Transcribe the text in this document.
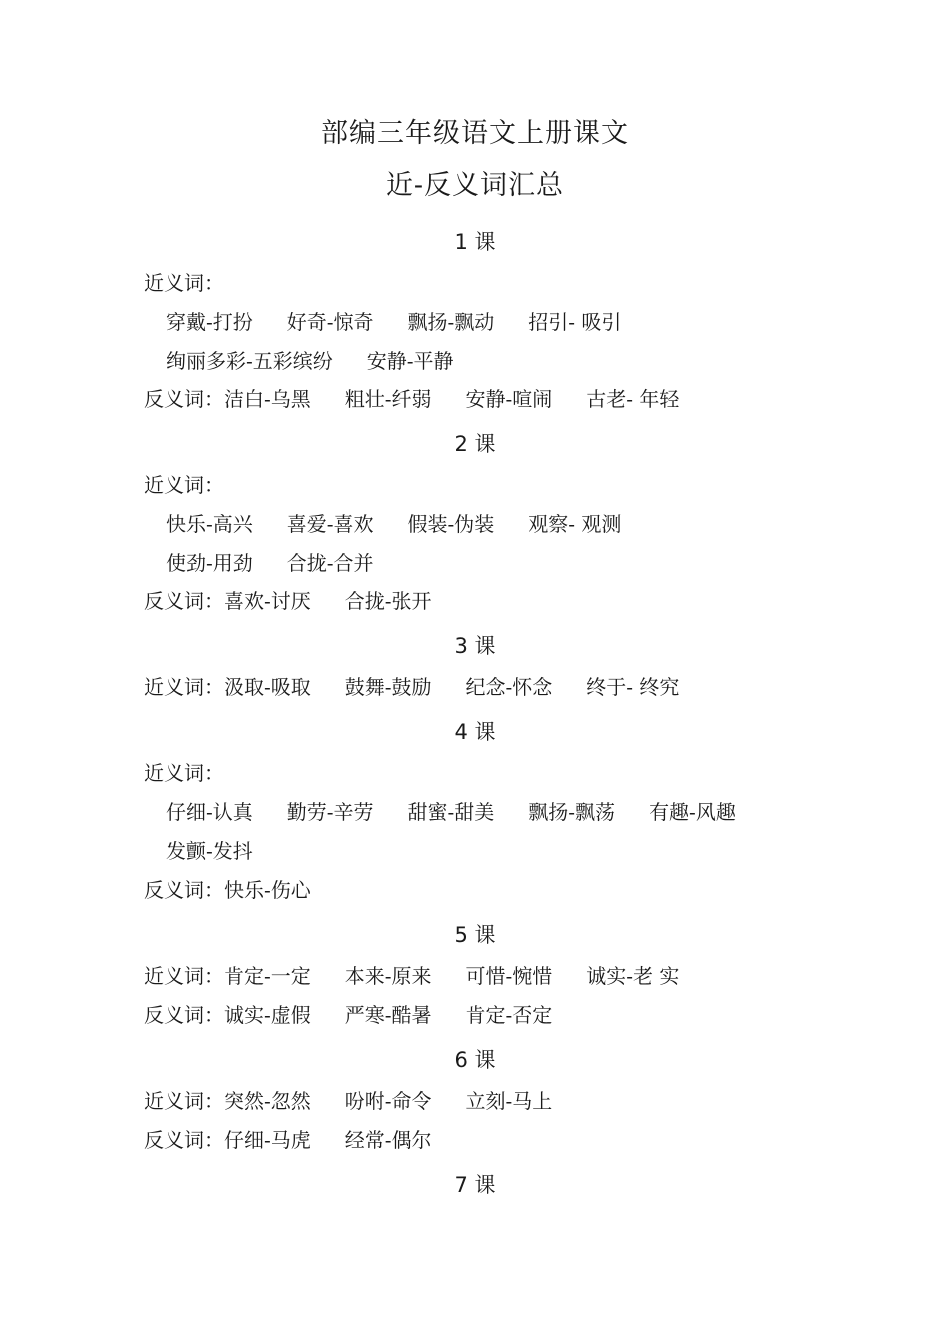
部编三年级语文上册课文
近-反义词汇总
1 课
近义词：
穿戴-打扮 好奇-惊奇 飘扬-飘动 招引- 吸引
绚丽多彩-五彩缤纷 安静-平静
反义词：洁白-乌黑 粗壮-纤弱 安静-喧闹 古老- 年轻
2 课
近义词：
快乐-高兴 喜爱-喜欢 假装-伪装 观察- 观测
使劲-用劲 合拢-合并
反义词：喜欢-讨厌 合拢-张开
3 课
近义词：汲取-吸取 鼓舞-鼓励 纪念-怀念 终于- 终究
4 课
近义词：
仔细-认真 勤劳-辛劳 甜蜜-甜美 飘扬-飘荡 有趣-风趣
发颤-发抖
反义词：快乐-伤心
5 课
近义词：肯定-一定 本来-原来 可惜-惋惜 诚实-老 实
反义词：诚实-虚假 严寒-酷暑 肯定-否定
6 课
近义词：突然-忽然 吩咐-命令 立刻-马上
反义词：仔细-马虎 经常-偶尔
7 课
